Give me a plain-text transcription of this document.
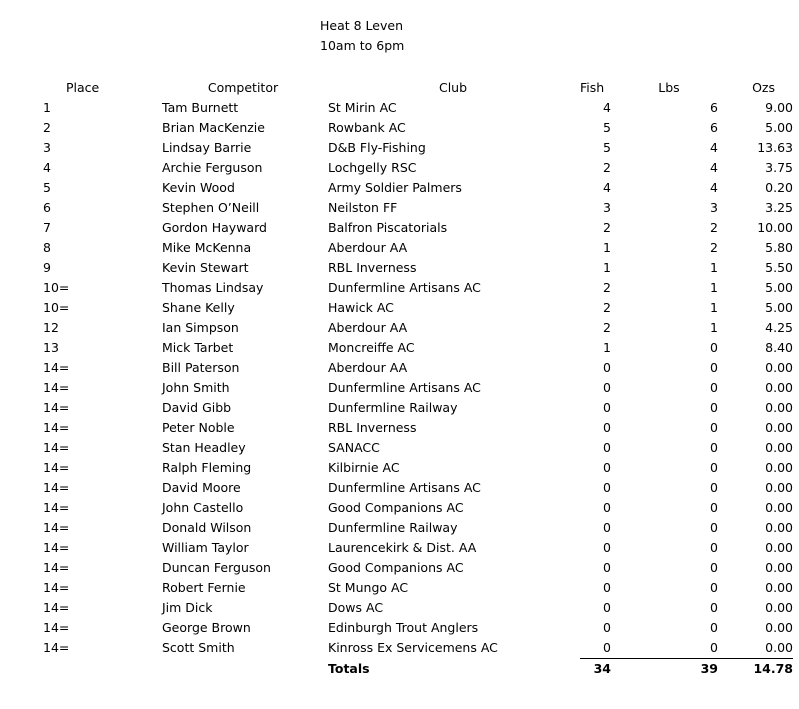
Heat 8 Leven
10am to 6pm
Place	Competitor	Club	Fish	Lbs	Ozs	
1	Tam Burnett	St Mirin AC	4	6	9.00	
2	Brian MacKenzie	Rowbank AC	5	6	5.00	
3	Lindsay Barrie	D&B Fly-Fishing	5	4	13.63	
4	Archie Ferguson	Lochgelly RSC	2	4	3.75	
5	Kevin Wood	Army Soldier Palmers	4	4	0.20	
6	Stephen O’Neill	Neilston FF	3	3	3.25	
7	Gordon Hayward	Balfron Piscatorials	2	2	10.00	
8	Mike McKenna	Aberdour AA	1	2	5.80	
9	Kevin Stewart	RBL Inverness	1	1	5.50	
10=	Thomas Lindsay	Dunfermline Artisans AC	2	1	5.00	
10=	Shane Kelly	Hawick AC	2	1	5.00	
12	Ian Simpson	Aberdour AA	2	1	4.25	
13	Mick Tarbet	Moncreiffe AC	1	0	8.40	
14=	Bill Paterson	Aberdour AA	0	0	0.00	
14=	John Smith	Dunfermline Artisans AC	0	0	0.00	
14=	David Gibb	Dunfermline Railway	0	0	0.00	
14=	Peter Noble	RBL Inverness	0	0	0.00	
14=	Stan Headley	SANACC	0	0	0.00	
14=	Ralph Fleming	Kilbirnie AC	0	0	0.00	
14=	David Moore	Dunfermline Artisans AC	0	0	0.00	
14=	John Castello	Good Companions AC	0	0	0.00	
14=	Donald Wilson	Dunfermline Railway	0	0	0.00	
14=	William Taylor	Laurencekirk & Dist. AA	0	0	0.00	
14=	Duncan Ferguson	Good Companions AC	0	0	0.00	
14=	Robert Fernie	St Mungo AC	0	0	0.00	
14=	Jim Dick	Dows AC	0	0	0.00	
14=	George Brown	Edinburgh Trout Anglers	0	0	0.00	
14=	Scott Smith	Kinross Ex Servicemens AC	0	0	0.00	
		Totals	34	39	14.78	
